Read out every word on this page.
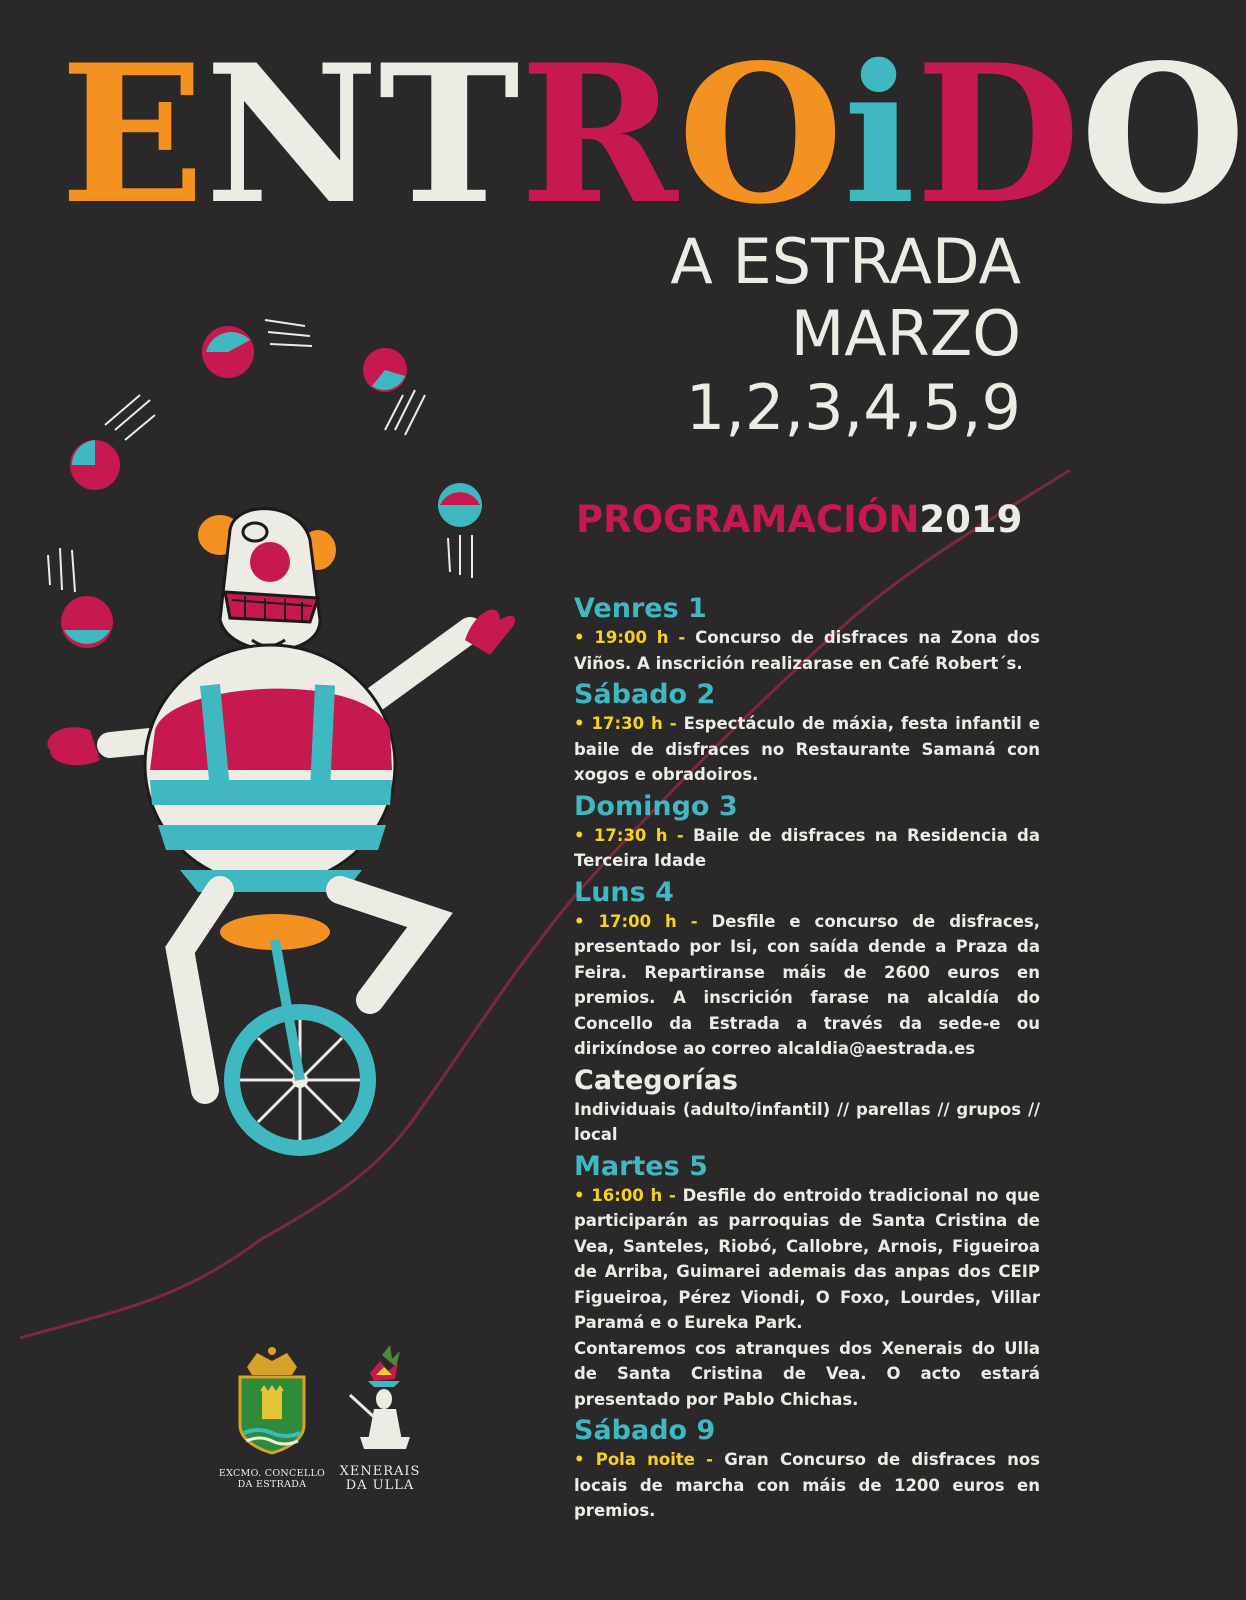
E N T R O i D O
A ESTRADA
MARZO
1,2,3,4,5,9
PROGRAMACIÓN2019
Venres 1
• 19:00 h - Concurso de disfraces na Zona dos Viños. A inscrición realizarase en Café Robert´s.
Sábado 2
• 17:30 h - Espectáculo de máxia, festa infantil e baile de disfraces no Restaurante Samaná con xogos e obradoiros.
Domingo 3
• 17:30 h - Baile de disfraces na Residencia da Terceira Idade
Luns 4
• 17:00 h - Desfile e concurso de disfraces, presentado por Isi, con saída dende a Praza da Feira. Repartiranse máis de 2600 euros en premios. A inscrición farase na alcaldía do Concello da Estrada a través da sede-e ou dirixíndose ao correo alcaldia@aestrada.es
Categorías
Individuais (adulto/infantil) // parellas // grupos // local
Martes 5
• 16:00 h - Desfile do entroido tradicional no que participarán as parroquias de Santa Cristina de Vea, Santeles, Riobó, Callobre, Arnois, Figueiroa de Arriba, Guimarei ademais das anpas dos CEIP Figueiroa, Pérez Viondi, O Foxo, Lourdes, Villar Paramá e o Eureka Park.
Contaremos cos atranques dos Xenerais do Ulla de Santa Cristina de Vea. O acto estará presentado por Pablo Chichas.
Sábado 9
• Pola noite - Gran Concurso de disfraces nos locais de marcha con máis de 1200 euros en premios.
EXCMO. CONCELLO
DA ESTRADA
XENERAIS
DA ULLA
